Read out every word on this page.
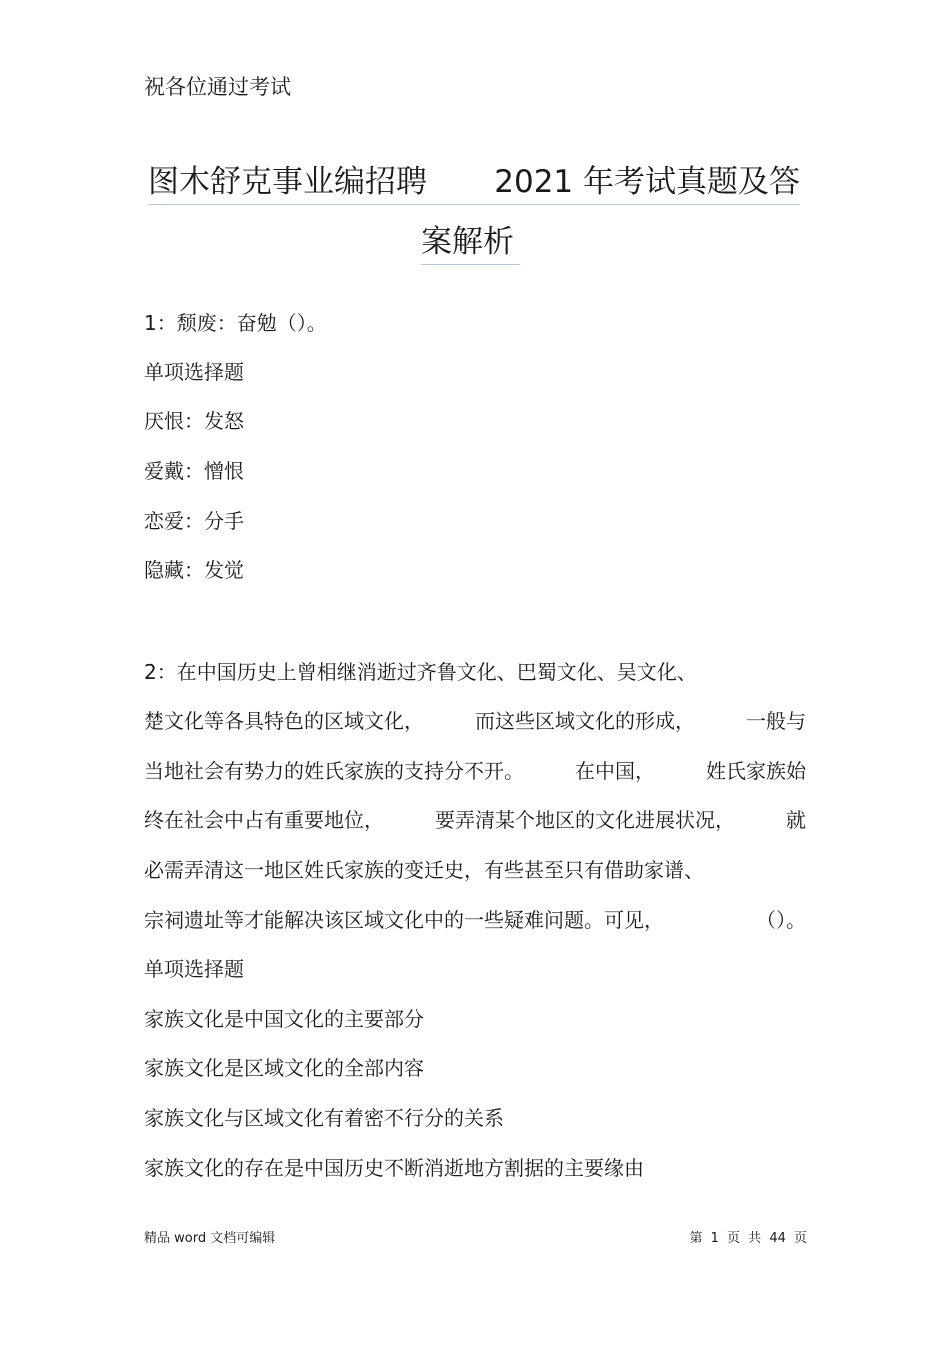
祝各位通过考试
图木舒克事业编招聘 2021 年考试真题及答
案解析
1：颓废：奋勉（）。
单项选择题
厌恨：发怒
爱戴：憎恨
恋爱：分手
隐藏：发觉
2：在中国历史上曾相继消逝过齐鲁文化、巴蜀文化、吴文化、
楚文化等各具特色的区域文化，	而这些区域文化的形成，	一般与
当地社会有势力的姓氏家族的支持分不开。	在中国，	姓氏家族始
终在社会中占有重要地位，	要弄清某个地区的文化进展状况，	就
必需弄清这一地区姓氏家族的变迁史，有些甚至只有借助家谱、
宗祠遗址等才能解决该区域文化中的一些疑难问题。可见，	（）。
单项选择题
家族文化是中国文化的主要部分
家族文化是区域文化的全部内容
家族文化与区域文化有着密不行分的关系
家族文化的存在是中国历史不断消逝地方割据的主要缘由
精品 word 文档可编辑	第 1 页 共 44 页
